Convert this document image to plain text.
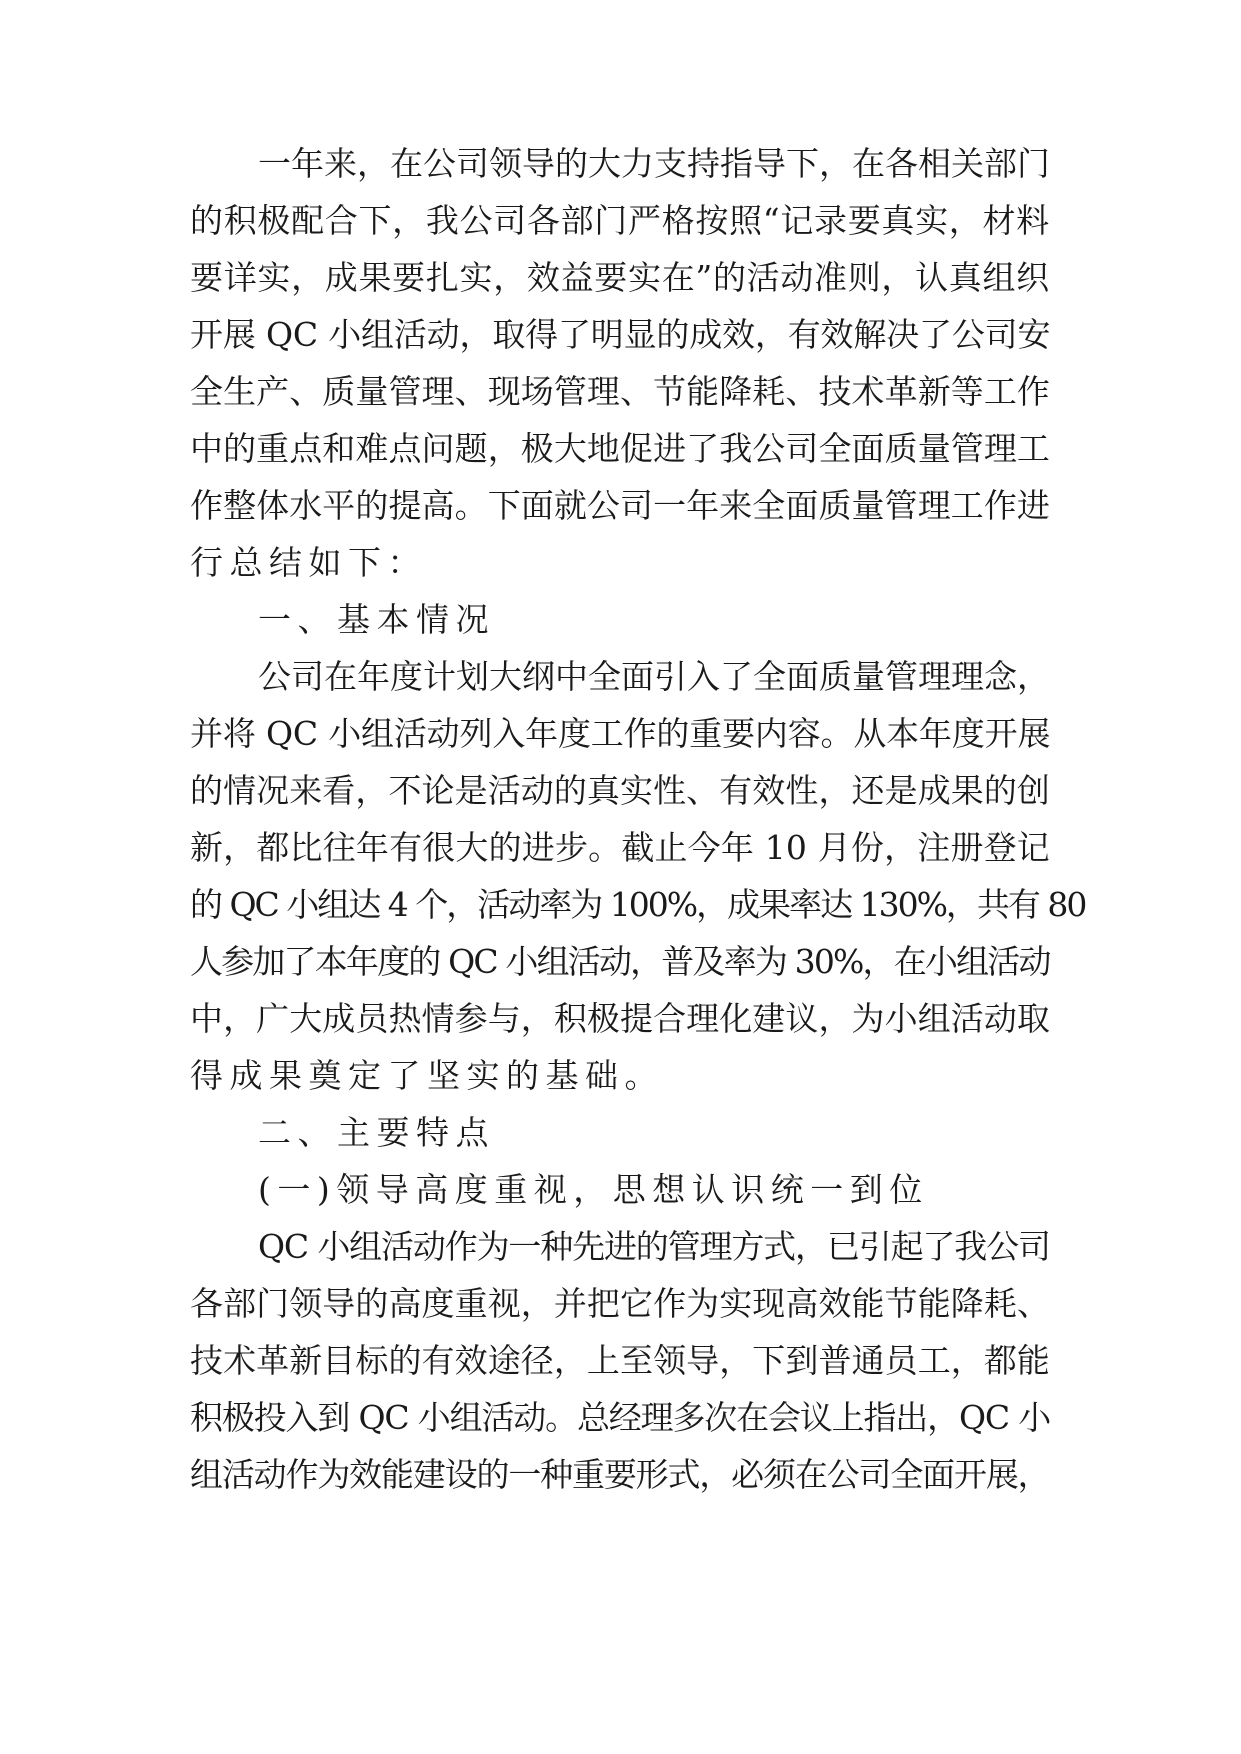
一年来，在公司领导的大力支持指导下，在各相关部门
的积极配合下，我公司各部门严格按照“记录要真实，材料
要详实，成果要扎实，效益要实在”的活动准则，认真组织
开展 QC 小组活动，取得了明显的成效，有效解决了公司安
全生产、质量管理、现场管理、节能降耗、技术革新等工作
中的重点和难点问题，极大地促进了我公司全面质量管理工
作整体水平的提高。下面就公司一年来全面质量管理工作进
行总结如下：
一、基本情况
公司在年度计划大纲中全面引入了全面质量管理理念，
并将 QC 小组活动列入年度工作的重要内容。从本年度开展
的情况来看，不论是活动的真实性、有效性，还是成果的创
新，都比往年有很大的进步。截止今年 10 月份，注册登记
的 QC 小组达 4 个，活动率为 100%，成果率达 130%，共有 80
人参加了本年度的 QC 小组活动，普及率为 30%，在小组活动
中，广大成员热情参与，积极提合理化建议，为小组活动取
得成果奠定了坚实的基础。
二、主要特点
(一)领导高度重视，思想认识统一到位
QC 小组活动作为一种先进的管理方式，已引起了我公司
各部门领导的高度重视，并把它作为实现高效能节能降耗、
技术革新目标的有效途径，上至领导，下到普通员工，都能
积极投入到 QC 小组活动。总经理多次在会议上指出，QC 小
组活动作为效能建设的一种重要形式，必须在公司全面开展，
